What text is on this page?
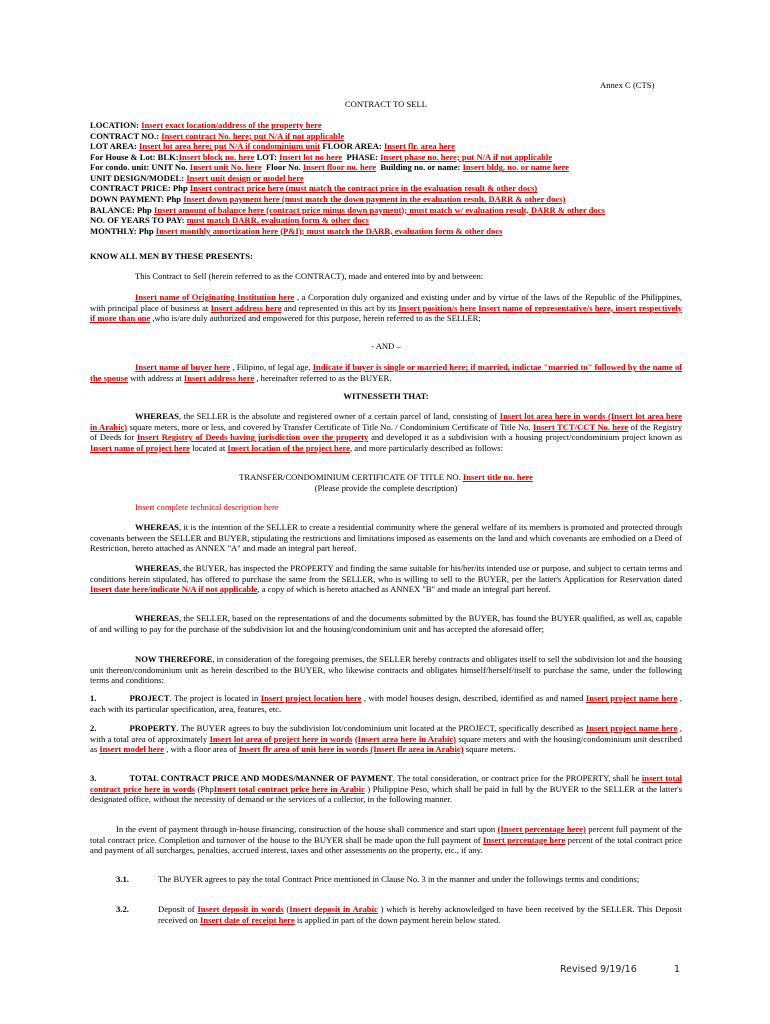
Annex C (CTS)
CONTRACT TO SELL

LOCATION: Insert exact location/address of the property here

CONTRACT NO.: Insert contract No. here; put N/A if not applicable

LOT AREA: Insert lot area here; put N/A if condominium unit FLOOR AREA: Insert flr. area here

For House & Lot: BLK:Insert block no. here LOT: Insert lot no here PHASE: Insert phase no. here; put N/A if not applicable

For condo. unit: UNIT No. Insert unit No. here Floor No. Insert floor no. here Building no. or name: Insert bldg. no. or name here

UNIT DESIGN/MODEL: Insert unit design or model here

CONTRACT PRICE: Php Insert contract price here (must match the contract price in the evaluation result & other docs)

DOWN PAYMENT: Php Insert down payment here (must match the down payment in the evaluation result, DARR & other docs)

BALANCE: Php Insert amount of balance here (contract price minus down payment); must match w/ evaluation result, DARR & other docs

NO. OF YEARS TO PAY: must match DARR, evaluation form & other docs

MONTHLY: Php Insert monthly amortization here (P&I); must match the DARR, evaluation form & other docs

KNOW ALL MEN BY THESE PRESENTS:
This Contract to Sell (herein referred to as the CONTRACT), made and entered into by and between:
Insert name of Originating Institution here , a Corporation duly organized and existing under and by virtue of the laws of the Republic of the Philippines, with principal place of business at Insert address here and represented in this act by its Insert position/s here Insert name of representative/s here, insert respectively if more than one ,who is/are duly authorized and empowered for this purpose, herein referred to as the SELLER;
- AND –
Insert name of buyer here , Filipino, of legal age, Indicate if buyer is single or married here; if married, indictae "married to" followed by the name of the spouse with address at Insert address here , hereinafter referred to as the BUYER.
WITNESSETH THAT:
WHEREAS, the SELLER is the absolute and registered owner of a certain parcel of land, consisting of Insert lot area here in words (Insert lot area here in Arabic) square meters, more or less, and covered by Transfer Certificate of Title No. / Condominium Certificate of Title No. Insert TCT/CCT No. here of the Registry of Deeds for Insert Registry of Deeds having jurisdiction over the property and developed it as a subdivision with a housing project/condominium project known as Insert name of project here located at Insert location of the project here, and more particularly described as follows:
TRANSFER/CONDOMINIUM CERTIFICATE OF TITLE NO. Insert title no. here
(Please provide the complete description)
Insert complete technical description here
WHEREAS, it is the intention of the SELLER to create a residential community where the general welfare of its members is promoted and protected through covenants between the SELLER and BUYER, stipulating the restrictions and limitations imposed as easements on the land and which covenants are embodied on a Deed of Restriction, hereto attached as ANNEX "A" and made an integral part hereof.
WHEREAS, the BUYER, has inspected the PROPERTY and finding the same suitable for his/her/its intended use or purpose, and subject to certain terms and conditions herein stipulated, has offered to purchase the same from the SELLER, who is willing to sell to the BUYER, per the latter's Application for Reservation dated Insert date here/indicate N/A if not applicable, a copy of which is hereto attached as ANNEX "B" and made an integral part hereof.
WHEREAS, the SELLER, based on the representations of and the documents submitted by the BUYER, has found the BUYER qualified, as well as, capable of and willing to pay for the purchase of the subdivision lot and the housing/condominium unit and has accepted the aforesaid offer;
NOW THEREFORE, in consideration of the foregoing premises, the SELLER hereby contracts and obligates itself to sell the subdivision lot and the housing unit thereon/condominium unit as herein described to the BUYER, who likewise contracts and obligates himself/herself/itself to purchase the same, under the following terms and conditions:
1.	PROJECT. The project is located in Insert project location here , with model houses design, described, identified as and named Insert project name here , each with its particular specification, area, features, etc.
2.	PROPERTY. The BUYER agrees to buy the subdivision lot/condominium unit located at the PROJECT, specifically described as Insert project name here , with a total area of approximately Insert lot area of project here in words (Insert area here in Arabic) square meters and with the housing/condominium unit described as Insert model here , with a floor area of Insert flr area of unit here in words (Insert flr area in Arabic) square meters.
3.	TOTAL CONTRACT PRICE AND MODES/MANNER OF PAYMENT. The total consideration, or contract price for the PROPERTY, shall be insert total contract price here in words (PhpInsert total contract price here in Arabic ) Philippine Peso, which shall be paid in full by the BUYER to the SELLER at the latter's designated office, without the necessity of demand or the services of a collector, in the following manner.
In the event of payment through in-house financing, construction of the house shall commence and start upon (Insert percentage here) percent full payment of the total contract price. Completion and turnover of the house to the BUYER shall be made upon the full payment of Insert percentage here percent of the total contract price and payment of all surcharges, penalties, accrued interest, taxes and other assessments on the property, etc., if any.
3.1.	The BUYER agrees to pay the total Contract Price mentioned in Clause No. 3 in the manner and under the followings terms and conditions;
3.2.	Deposit of Insert deposit in words (Insert deposit in Arabic ) which is hereby acknowledged to have been received by the SELLER. This Deposit received on Insert date of receipt here is applied in part of the down payment herein below stated.
Revised 9/19/16	1
